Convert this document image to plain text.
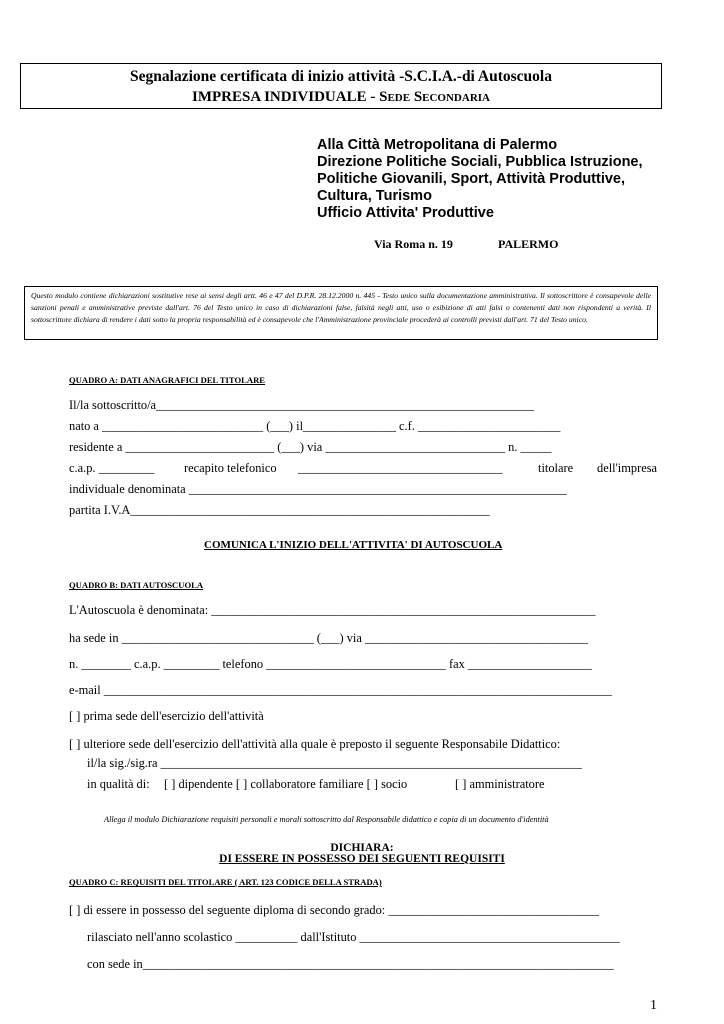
Segnalazione certificata di inizio attività -S.C.I.A.-di Autoscuola
IMPRESA INDIVIDUALE - SEDE SECONDARIA
Alla Città Metropolitana di Palermo
Direzione Politiche Sociali, Pubblica Istruzione,
Politiche Giovanili, Sport, Attività Produttive,
Cultura, Turismo
Ufficio Attivita' Produttive
Via Roma n. 19	PALERMO

Questo modulo contiene dichiarazioni sostitutive rese ai sensi degli artt. 46 e 47 del D.P.R. 28.12.2000 n. 445 - Testo unico sulla documentazione amministrativa. Il sottoscrittore è consapevole delle sanzioni penali e amministrative previste dall'art. 76 del Testo unico in caso di dichiarazioni false, falsità negli atti, uso o esibizione di atti falsi o contenenti dati non rispondenti a verità. Il sottoscrittore dichiara di rendere i dati sotto la propria responsabilità ed è consapevole che l'Amministrazione provinciale procederà ai controlli previsti dall'art. 71 del Testo unico.

QUADRO A: DATI ANAGRAFICI DEL TITOLARE
Il/la sottoscritto/a_____________________________________________________________
nato a __________________________ (___) il_______________ c.f. _______________________
residente a ________________________ (___) via _____________________________ n. _____
c.a.p. _________ recapito telefonico _________________________________	titolare dell'impresa
individuale denominata _____________________________________________________________
partita I.V.A__________________________________________________________
COMUNICA L'INIZIO DELL'ATTIVITA' DI AUTOSCUOLA
QUADRO B: DATI AUTOSCUOLA
L'Autoscuola è denominata: ______________________________________________________________
ha sede in _______________________________ (___) via ____________________________________
n. ________ c.a.p. _________ telefono _____________________________ fax ____________________
e-mail __________________________________________________________________________________
[ ] prima sede dell'esercizio dell'attività
[ ] ulteriore sede dell'esercizio dell'attività alla quale è preposto il seguente Responsabile Didattico:
il/la sig./sig.ra ____________________________________________________________________
in qualità di: [ ] dipendente [ ] collaboratore familiare [ ] socio	[ ] amministratore
Allega il modulo Dichiarazione requisiti personali e morali sottoscritto dal Responsabile didattico e copia di un documento d'identità
DICHIARA:
DI ESSERE IN POSSESSO DEI SEGUENTI REQUISITI
QUADRO C: REQUISITI DEL TITOLARE ( ART. 123 CODICE DELLA STRADA)
[ ] di essere in possesso del seguente diploma di secondo grado: __________________________________
rilasciato nell'anno scolastico __________ dall'Istituto __________________________________________
con sede in____________________________________________________________________________
1
